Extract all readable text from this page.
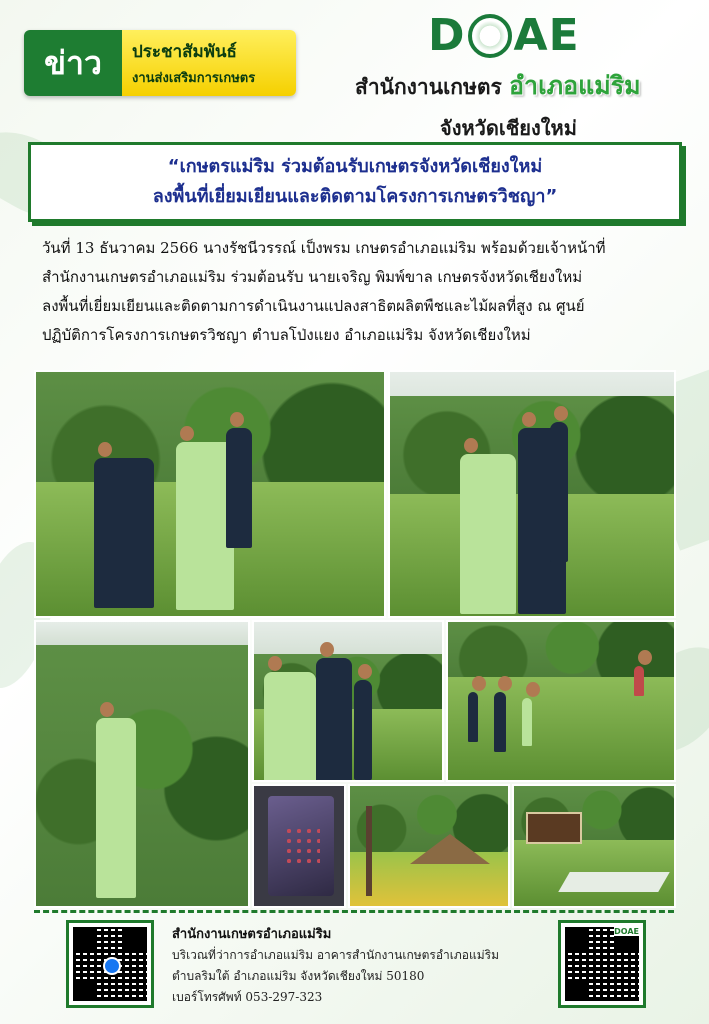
ข่าว	ประชาสัมพันธ์
งานส่งเสริมการเกษตร
D AE
สำนักงานเกษตร อำเภอแม่ริม
จังหวัดเชียงใหม่
“เกษตรแม่ริม ร่วมต้อนรับเกษตรจังหวัดเชียงใหม่
ลงพื้นที่เยี่ยมเยียนและติดตามโครงการเกษตรวิชญา”

วันที่ 13 ธันวาคม 2566 นางรัชนีวรรณ์ เป็งพรม เกษตรอำเภอแม่ริม พร้อมด้วยเจ้าหน้าที่

สำนักงานเกษตรอำเภอแม่ริม ร่วมต้อนรับ นายเจริญ พิมพ์ขาล เกษตรจังหวัดเชียงใหม่

ลงพื้นที่เยี่ยมเยียนและติดตามการดำเนินงานแปลงสาธิตผลิตพืชและไม้ผลที่สูง ณ ศูนย์

ปฏิบัติการโครงการเกษตรวิชญา ตำบลโป่งแยง อำเภอแม่ริม จังหวัดเชียงใหม่

สำนักงานเกษตรอำเภอแม่ริม
บริเวณที่ว่าการอำเภอแม่ริม อาคารสำนักงานเกษตรอำเภอแม่ริม
ตำบลริมใต้ อำเภอแม่ริม จังหวัดเชียงใหม่ 50180
เบอร์โทรศัพท์ 053-297-323
DOAE
